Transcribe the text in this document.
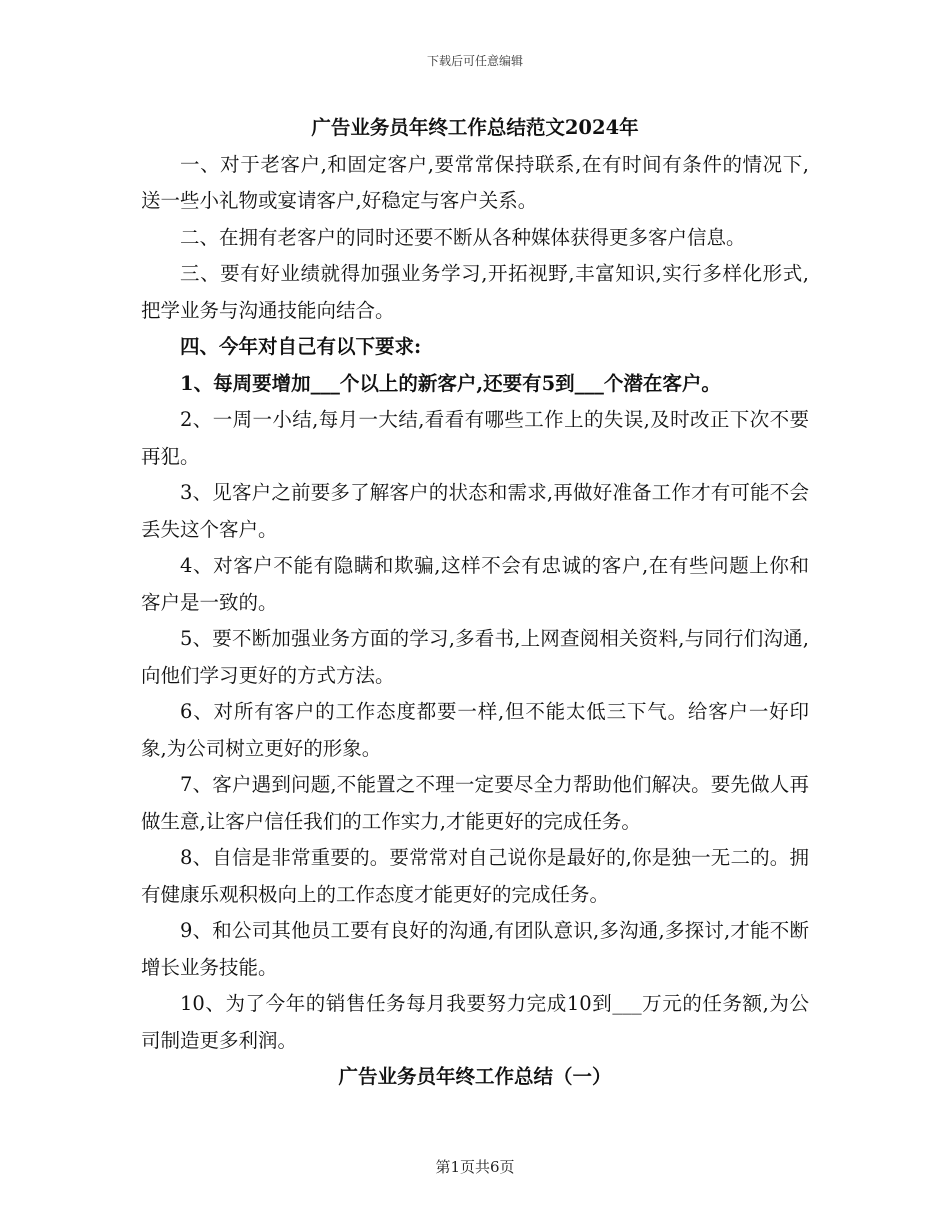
下载后可任意编辑
广告业务员年终工作总结范文2024年

一、对于老客户,和固定客户,要常常保持联系,在有时间有条件的情况下,送一些小礼物或宴请客户,好稳定与客户关系。

二、在拥有老客户的同时还要不断从各种媒体获得更多客户信息。

三、要有好业绩就得加强业务学习,开拓视野,丰富知识,实行多样化形式,把学业务与沟通技能向结合。

四、今年对自己有以下要求:

1、每周要增加___个以上的新客户,还要有5到___个潜在客户。

2、一周一小结,每月一大结,看看有哪些工作上的失误,及时改正下次不要再犯。

3、见客户之前要多了解客户的状态和需求,再做好准备工作才有可能不会丢失这个客户。

4、对客户不能有隐瞒和欺骗,这样不会有忠诚的客户,在有些问题上你和客户是一致的。

5、要不断加强业务方面的学习,多看书,上网查阅相关资料,与同行们沟通,向他们学习更好的方式方法。

6、对所有客户的工作态度都要一样,但不能太低三下气。给客户一好印象,为公司树立更好的形象。

7、客户遇到问题,不能置之不理一定要尽全力帮助他们解决。要先做人再做生意,让客户信任我们的工作实力,才能更好的完成任务。

8、自信是非常重要的。要常常对自己说你是最好的,你是独一无二的。拥有健康乐观积极向上的工作态度才能更好的完成任务。

9、和公司其他员工要有良好的沟通,有团队意识,多沟通,多探讨,才能不断增长业务技能。

10、为了今年的销售任务每月我要努力完成10到___万元的任务额,为公司制造更多利润。

广告业务员年终工作总结（一）
第1页共6页
